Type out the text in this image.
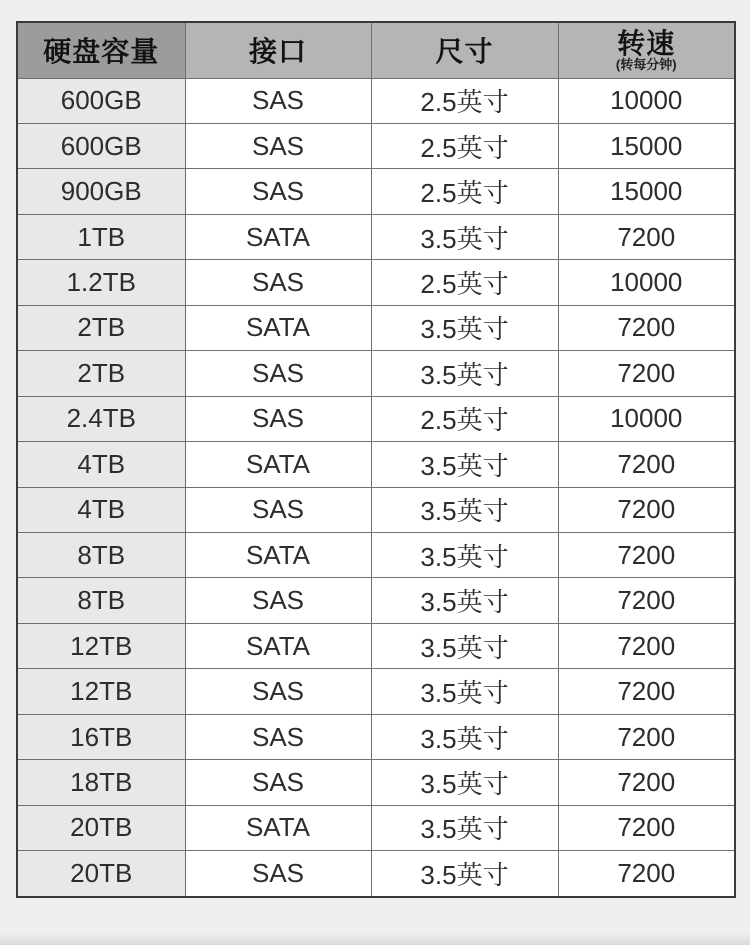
硬盘容量	接口	尺寸	转速
(转每分钟)

600GB	SAS	2.5英寸	10000
600GB	SAS	2.5英寸	15000
900GB	SAS	2.5英寸	15000
1TB	SATA	3.5英寸	7200
1.2TB	SAS	2.5英寸	10000
2TB	SATA	3.5英寸	7200
2TB	SAS	3.5英寸	7200
2.4TB	SAS	2.5英寸	10000
4TB	SATA	3.5英寸	7200
4TB	SAS	3.5英寸	7200
8TB	SATA	3.5英寸	7200
8TB	SAS	3.5英寸	7200
12TB	SATA	3.5英寸	7200
12TB	SAS	3.5英寸	7200
16TB	SAS	3.5英寸	7200
18TB	SAS	3.5英寸	7200
20TB	SATA	3.5英寸	7200
20TB	SAS	3.5英寸	7200
